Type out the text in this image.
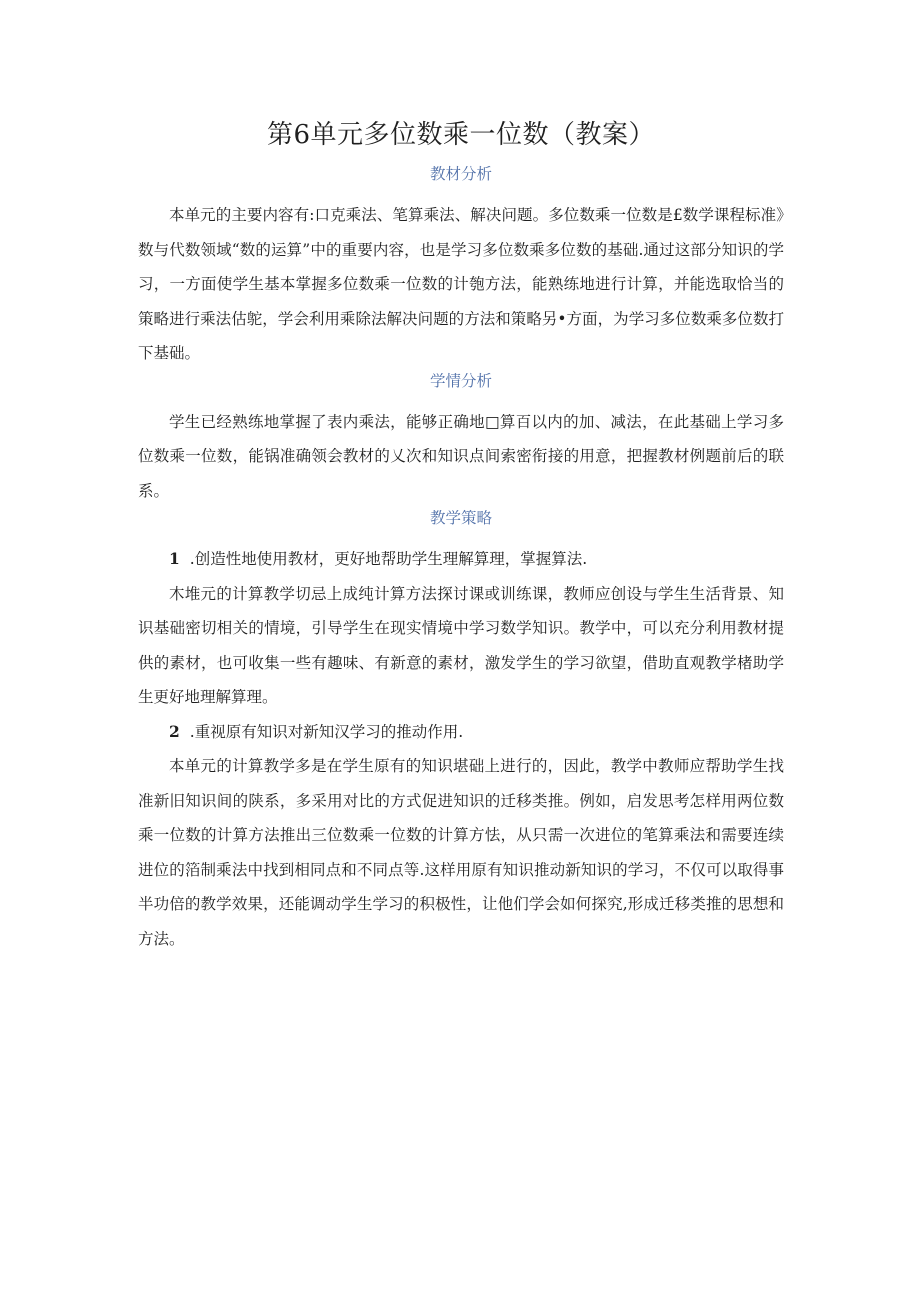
第6单元多位数乘一位数（教案）
教材分析

本单元的主要内容有:口克乘法、笔算乘法、解决问题。多位数乘一位数是£数学课程标准》数与代数领域“数的运算”中的重要内容，也是学习多位数乘多位数的基础.通过这部分知识的学习，一方面使学生基本掌握多位数乘一位数的计匏方法，能熟练地进行计算，并能选取恰当的策略进行乘法估鸵，学会利用乘除法解决问题的方法和策略另•方面，为学习多位数乘多位数打下基础。

学情分析

学生已经熟练地掌握了表内乘法，能够正确地□算百以内的加、减法，在此基础上学习多位数乘一位数，能锅准确领会教材的乂次和知识点间索密衔接的用意，把握教材例题前后的联系。

教学策略

1 .创造性地使用教材，更好地帮助学生理解算理，掌握算法.

木堆元的计算教学切忌上成纯计算方法探讨课或训练课，教师应创设与学生生活背景、知识基础密切相关的情境，引导学生在现实情境中学习数学知识。教学中，可以充分利用教材提供的素材，也可收集一些有趣味、有新意的素材，激发学生的学习欲望，借助直观教学楮助学生更好地理解算理。

2 .重视原有知识对新知汉学习的推动作用.

本单元的计算教学多是在学生原有的知识堪础上进行的，因此，教学中教师应帮助学生找准新旧知识间的陕系，多采用对比的方式促进知识的迁移类推。例如，启发思考怎样用两位数乘一位数的计算方法推出三位数乘一位数的计算方怯，从只需一次进位的笔算乘法和需要连续进位的箔制乘法中找到相同点和不同点等.这样用原有知识推动新知识的学习，不仅可以取得事半功倍的教学效果，还能调动学生学习的积极性，让他们学会如何探究,形成迁移类推的思想和方法。
